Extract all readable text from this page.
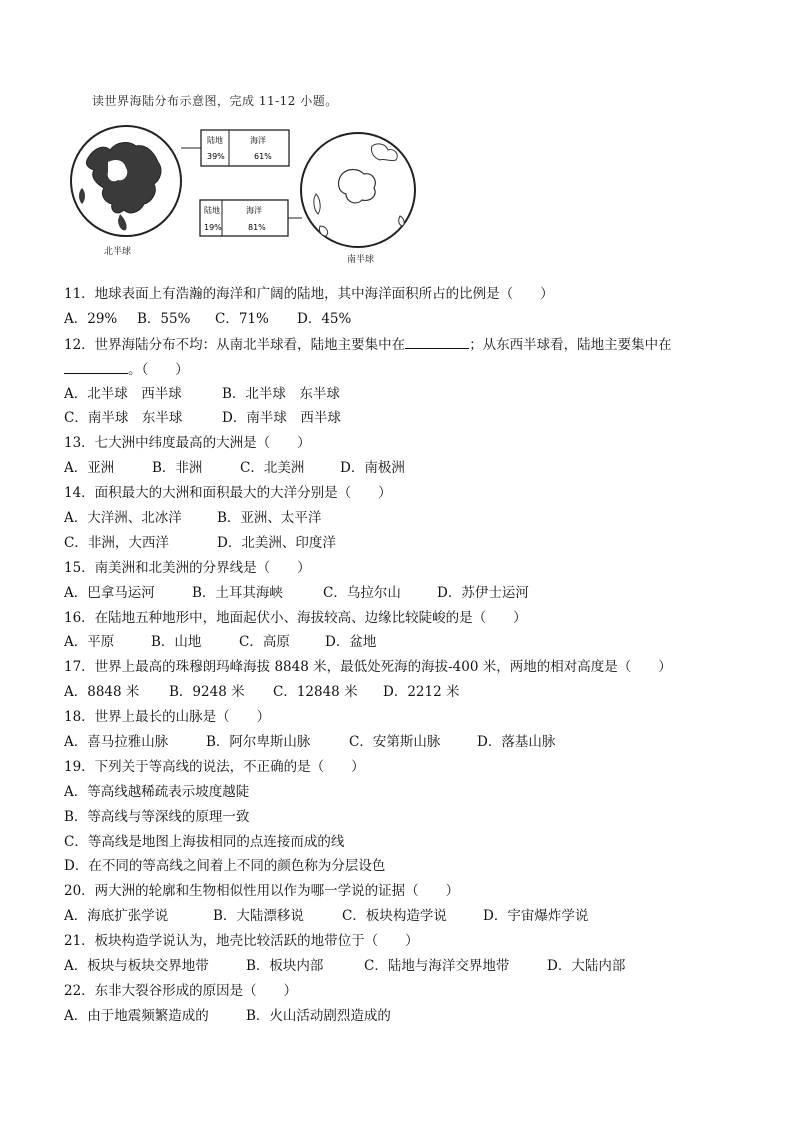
读世界海陆分布示意图，完成 11-12 小题。
北半球
陆地	海洋
39%	61%
陆地	海洋
19%	81%
南半球
11．地球表面上有浩瀚的海洋和广阔的陆地，其中海洋面积所占的比例是（　　）
A．29% B．55% C．71% D．45%
12．世界海陆分布不均：从南北半球看，陆地主要集中在	；从东西半球看，陆地主要集中在
。（　　）
A．北半球　西半球	B．北半球　东半球
C．南半球　东半球	D．南半球　西半球
13．七大洲中纬度最高的大洲是（　　）
A．亚洲	B．非洲	C．北美洲	D．南极洲
14．面积最大的大洲和面积最大的大洋分别是（　　）
A．大洋洲、北冰洋	B．亚洲、太平洋
C．非洲，大西洋	D．北美洲、印度洋
15．南美洲和北美洲的分界线是（　　）
A．巴拿马运河	B．土耳其海峡	C．乌拉尔山	D．苏伊士运河
16．在陆地五种地形中，地面起伏小、海拔较高、边缘比较陡峻的是（　　）
A．平原	B．山地	C．高原	D．盆地
17．世界上最高的珠穆朗玛峰海拔 8848 米，最低处死海的海拔-400 米，两地的相对高度是（　　）
A．8848 米 B．9248 米 C．12848 米 D．2212 米
18．世界上最长的山脉是（　　）
A．喜马拉雅山脉	B．阿尔卑斯山脉	C．安第斯山脉	D．落基山脉
19．下列关于等高线的说法，不正确的是（　　）
A．等高线越稀疏表示坡度越陡
B．等高线与等深线的原理一致
C．等高线是地图上海拔相同的点连接而成的线
D．在不同的等高线之间着上不同的颜色称为分层设色
20．两大洲的轮廓和生物相似性用以作为哪一学说的证据（　　）
A．海底扩张学说	B．大陆漂移说	C．板块构造学说	D．宇宙爆炸学说
21．板块构造学说认为，地壳比较活跃的地带位于（　　）
A．板块与板块交界地带	B．板块内部	C．陆地与海洋交界地带	D．大陆内部
22．东非大裂谷形成的原因是（　　）
A．由于地震频繁造成的	B．火山活动剧烈造成的
